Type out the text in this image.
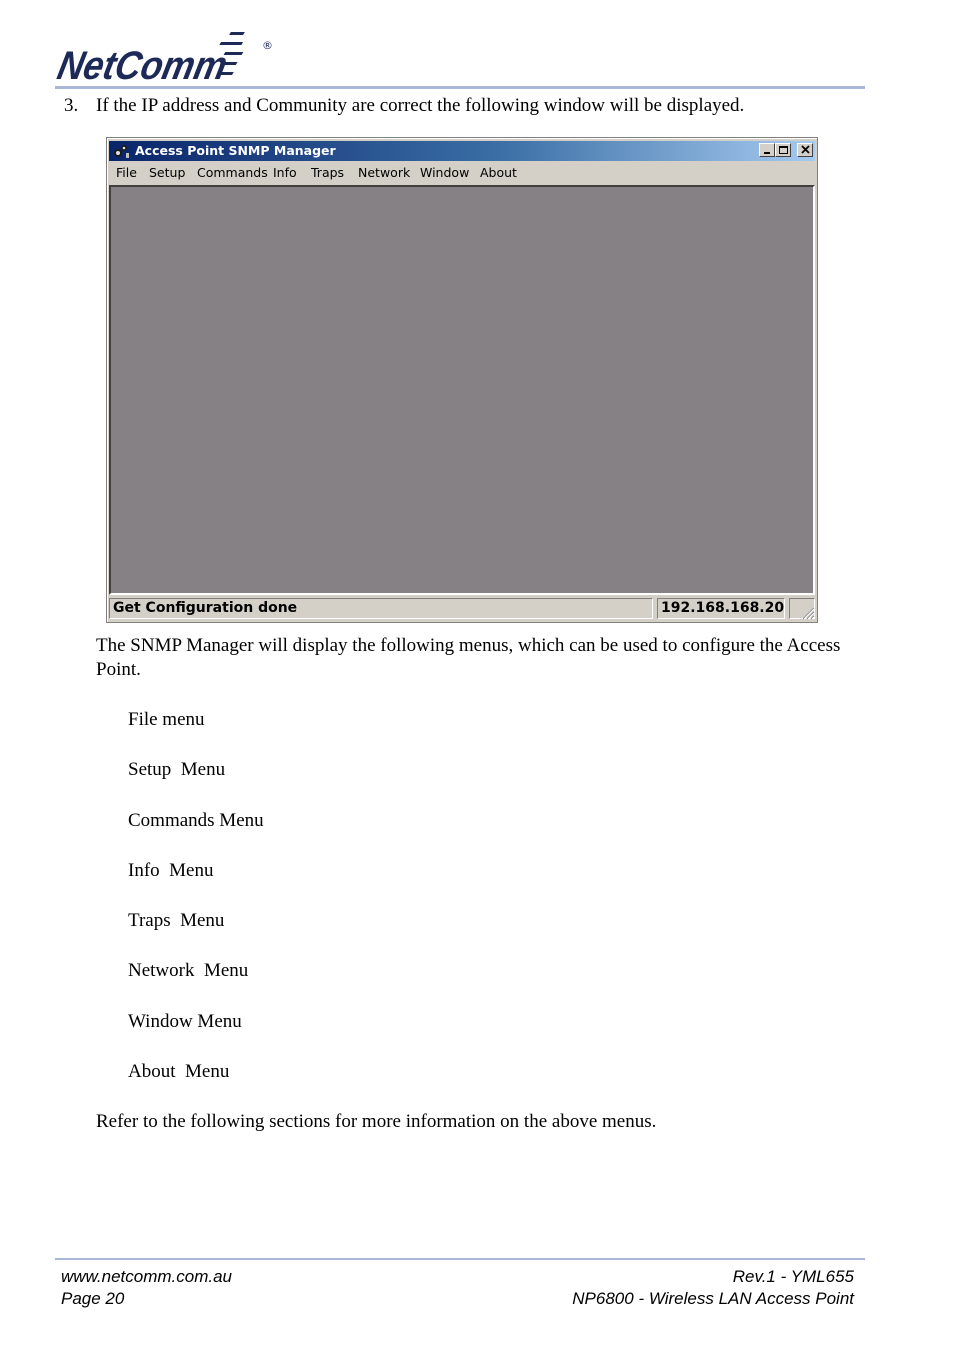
NetComm ®
3. If the IP address and Community are correct the following window will be displayed.
Access Point SNMP Manager
File Setup Commands Info Traps Network Window About
Get Configuration done	192.168.168.20
The SNMP Manager will display the following menus, which can be used to configure the Access Point.
File menu
Setup  Menu
Commands Menu
Info  Menu
Traps  Menu
Network  Menu
Window Menu
About  Menu
Refer to the following sections for more information on the above menus.
www.netcomm.com.au
Page 20
Rev.1 - YML655
NP6800 - Wireless LAN Access Point
